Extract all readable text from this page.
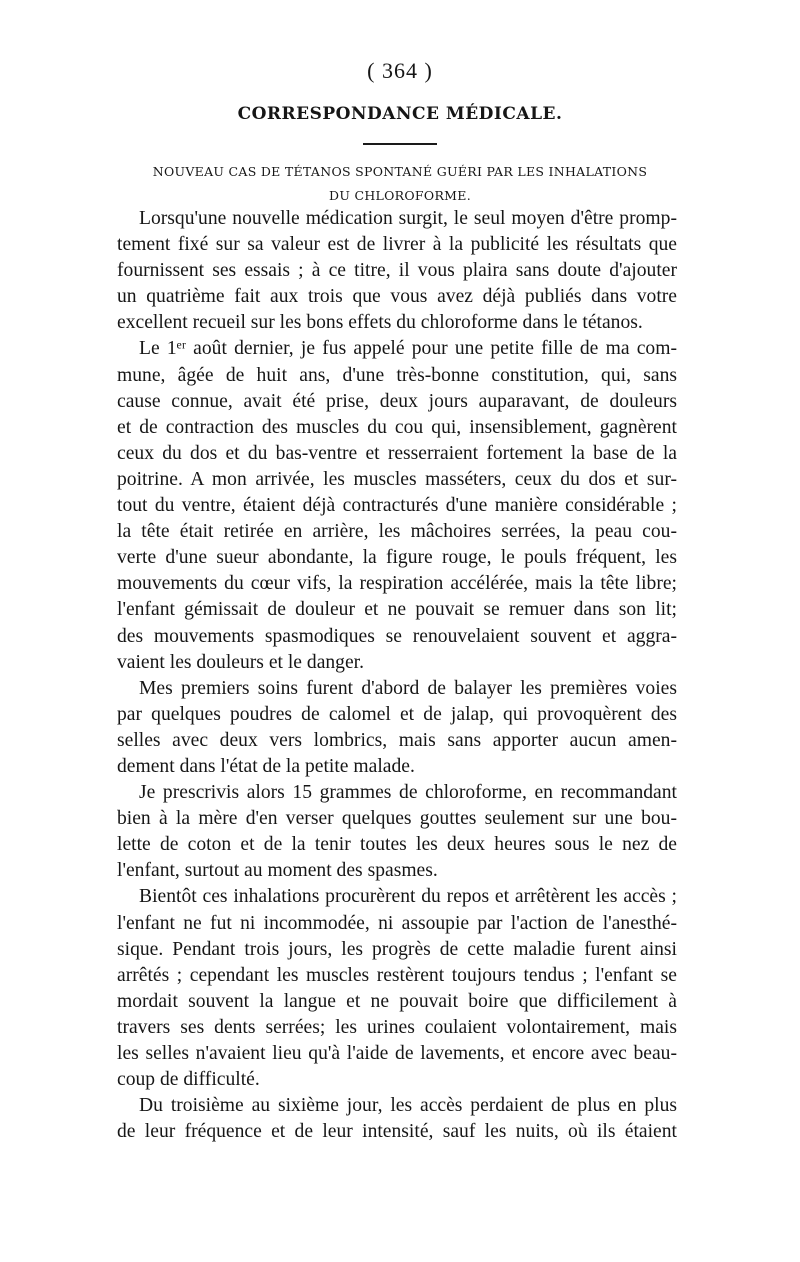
( 364 )
CORRESPONDANCE MÉDICALE.
NOUVEAU CAS DE TÉTANOS SPONTANÉ GUÉRI PAR LES INHALATIONS
DU CHLOROFORME.
Lorsqu'une nouvelle médication surgit, le seul moyen d'être promp-
tement fixé sur sa valeur est de livrer à la publicité les résultats que
fournissent ses essais ; à ce titre, il vous plaira sans doute d'ajouter
un quatrième fait aux trois que vous avez déjà publiés dans votre
excellent recueil sur les bons effets du chloroforme dans le tétanos.
Le 1ᵉʳ août dernier, je fus appelé pour une petite fille de ma com-
mune, âgée de huit ans, d'une très-bonne constitution, qui, sans
cause connue, avait été prise, deux jours auparavant, de douleurs
et de contraction des muscles du cou qui, insensiblement, gagnèrent
ceux du dos et du bas-ventre et resserraient fortement la base de la
poitrine. A mon arrivée, les muscles masséters, ceux du dos et sur-
tout du ventre, étaient déjà contracturés d'une manière considérable ;
la tête était retirée en arrière, les mâchoires serrées, la peau cou-
verte d'une sueur abondante, la figure rouge, le pouls fréquent, les
mouvements du cœur vifs, la respiration accélérée, mais la tête libre;
l'enfant gémissait de douleur et ne pouvait se remuer dans son lit;
des mouvements spasmodiques se renouvelaient souvent et aggra-
vaient les douleurs et le danger.
Mes premiers soins furent d'abord de balayer les premières voies
par quelques poudres de calomel et de jalap, qui provoquèrent des
selles avec deux vers lombrics, mais sans apporter aucun amen-
dement dans l'état de la petite malade.
Je prescrivis alors 15 grammes de chloroforme, en recommandant
bien à la mère d'en verser quelques gouttes seulement sur une bou-
lette de coton et de la tenir toutes les deux heures sous le nez de
l'enfant, surtout au moment des spasmes.
Bientôt ces inhalations procurèrent du repos et arrêtèrent les accès ;
l'enfant ne fut ni incommodée, ni assoupie par l'action de l'anesthé-
sique. Pendant trois jours, les progrès de cette maladie furent ainsi
arrêtés ; cependant les muscles restèrent toujours tendus ; l'enfant se
mordait souvent la langue et ne pouvait boire que difficilement à
travers ses dents serrées; les urines coulaient volontairement, mais
les selles n'avaient lieu qu'à l'aide de lavements, et encore avec beau-
coup de difficulté.
Du troisième au sixième jour, les accès perdaient de plus en plus
de leur fréquence et de leur intensité, sauf les nuits, où ils étaient
